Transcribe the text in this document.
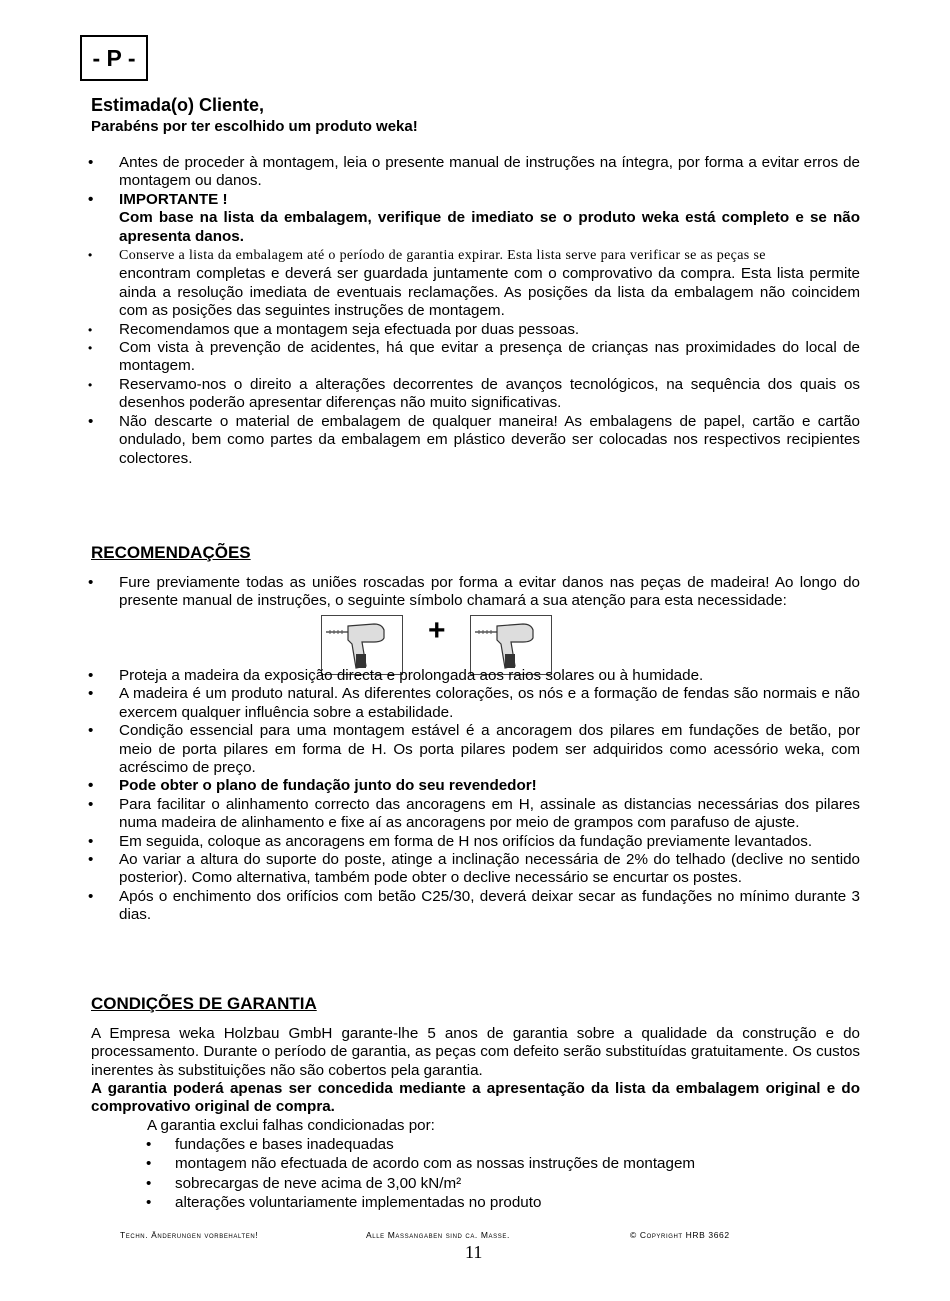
- P -
Estimada(o) Cliente,
Parabéns por ter escolhido um produto weka!
• Antes de proceder à montagem, leia o presente manual de instruções na íntegra, por forma a evitar erros de montagem ou danos.
• IMPORTANTE !
Com base na lista da embalagem, verifique de imediato se o produto weka está completo e se não apresenta danos.
• Conserve a lista da embalagem até o período de garantia expirar. Esta lista serve para verificar se as peças se
encontram completas e deverá ser guardada juntamente com o comprovativo da compra. Esta lista permite ainda a resolução imediata de eventuais reclamações. As posições da lista da embalagem não coincidem com as posições das seguintes instruções de montagem.
• Recomendamos que a montagem seja efectuada por duas pessoas.
• Com vista à prevenção de acidentes, há que evitar a presença de crianças nas proximidades do local de montagem.
• Reservamo-nos o direito a alterações decorrentes de avanços tecnológicos, na sequência dos quais os desenhos poderão apresentar diferenças não muito significativas.
• Não descarte o material de embalagem de qualquer maneira! As embalagens de papel, cartão e cartão ondulado, bem como partes da embalagem em plástico deverão ser colocadas nos respectivos recipientes colectores.
RECOMENDAÇÕES
• Fure previamente todas as uniões roscadas por forma a evitar danos nas peças de madeira! Ao longo do presente manual de instruções, o seguinte símbolo chamará a sua atenção para esta necessidade:
+
• Proteja a madeira da exposição directa e prolongada aos raios solares ou à humidade.
• A madeira é um produto natural. As diferentes colorações, os nós e a formação de fendas são normais e não exercem qualquer influência sobre a estabilidade.
• Condição essencial para uma montagem estável é a ancoragem dos pilares em fundações de betão, por meio de porta pilares em forma de H. Os porta pilares podem ser adquiridos como acessório weka, com acréscimo de preço.
• Pode obter o plano de fundação junto do seu revendedor!
• Para facilitar o alinhamento correcto das ancoragens em H, assinale as distancias necessárias dos pilares numa madeira de alinhamento e fixe aí as ancoragens por meio de grampos com parafuso de ajuste.
• Em seguida, coloque as ancoragens em forma de H nos orifícios da fundação previamente levantados.
• Ao variar a altura do suporte do poste, atinge a inclinação necessária de 2% do telhado (declive no sentido posterior). Como alternativa, também pode obter o declive necessário se encurtar os postes.
• Após o enchimento dos orifícios com betão C25/30, deverá deixar secar as fundações no mínimo durante 3 dias.
CONDIÇÕES DE GARANTIA
A Empresa weka Holzbau GmbH garante-lhe 5 anos de garantia sobre a qualidade da construção e do processamento. Durante o período de garantia, as peças com defeito serão substituídas gratuitamente. Os custos inerentes às substituições não são cobertos pela garantia.
A garantia poderá apenas ser concedida mediante a apresentação da lista da embalagem original e do comprovativo original de compra.
A garantia exclui falhas condicionadas por:
• fundações e bases inadequadas
• montagem não efectuada de acordo com as nossas instruções de montagem
• sobrecargas de neve acima de 3,00 kN/m²
• alterações voluntariamente implementadas no produto
Techn. Änderungen vorbehalten!	Alle Massangaben sind ca. Masse.	© Copyright HRB 3662
11
